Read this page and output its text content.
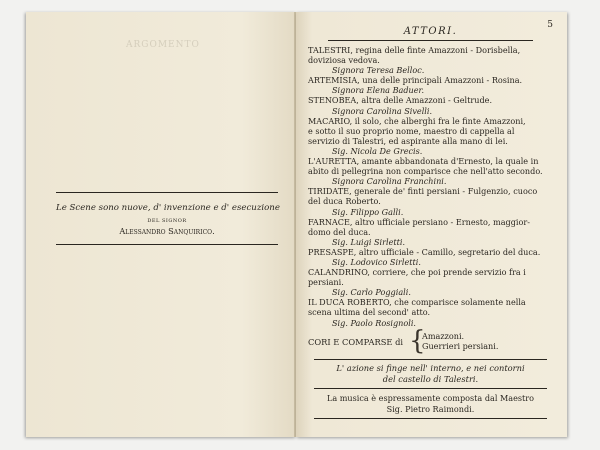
ARGOMENTO
Le Scene sono nuove, d' invenzione e d' esecuzione
DEL SIGNOR
Alessandro Sanquirico.
5
ATTORI.
TALESTRI, regina delle finte Amazzoni - Dorisbella,
doviziosa vedova.
Signora Teresa Belloc.
ARTEMISIA, una delle principali Amazzoni - Rosina.
Signora Elena Baduer.
STENOBEA, altra delle Amazzoni - Geltrude.
Signora Carolina Sivelli.
MACARIO, il solo, che alberghi fra le finte Amazzoni,
e sotto il suo proprio nome, maestro di cappella al
servizio di Talestri, ed aspirante alla mano di lei.
Sig. Nicola De Grecis.
L'AURETTA, amante abbandonata d'Ernesto, la quale in
abito di pellegrina non comparisce che nell'atto secondo.
Signora Carolina Franchini.
TIRIDATE, generale de' finti persiani - Fulgenzio, cuoco
del duca Roberto.
Sig. Filippo Galli.
FARNACE, altro ufficiale persiano - Ernesto, maggior-
domo del duca.
Sig. Luigi Sirletti.
PRESASPE, altro ufficiale - Camillo, segretario del duca.
Sig. Lodovico Sirletti.
CALANDRINO, corriere, che poi prende servizio fra i
persiani.
Sig. Carlo Poggiali.
IL DUCA ROBERTO, che comparisce solamente nella
scena ultima del second' atto.
Sig. Paolo Rosignoli.
CORI E COMPARSE di {
Amazzoni.
Guerrieri persiani.
L' azione si finge nell' interno, e nei contorni
del castello di Talestri.
La musica è espressamente composta dal Maestro
Sig. Pietro Raimondi.
